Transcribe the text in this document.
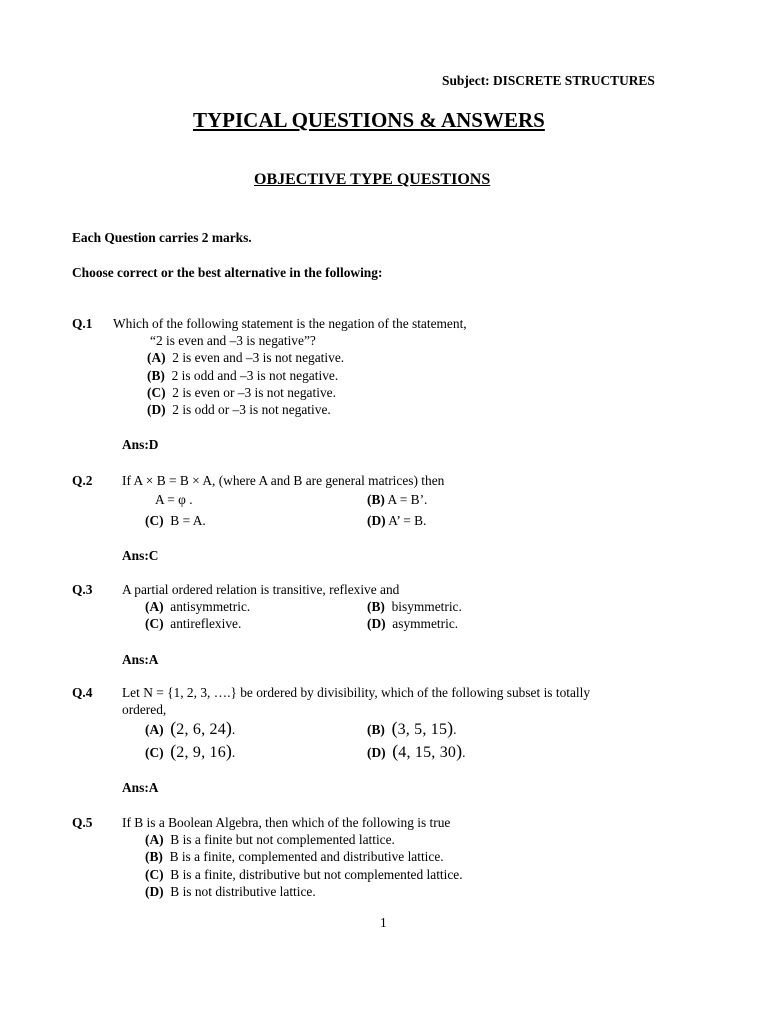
Subject: DISCRETE STRUCTURES
TYPICAL QUESTIONS & ANSWERS
OBJECTIVE TYPE QUESTIONS
Each Question carries 2 marks.
Choose correct or the best alternative in the following:
Q.1 Which of the following statement is the negation of the statement,
“2 is even and –3 is negative”?
(A) 2 is even and –3 is not negative.
(B) 2 is odd and –3 is not negative.
(C) 2 is even or –3 is not negative.
(D) 2 is odd or –3 is not negative.
Ans:D
Q.2 If A × B = B × A, (where A and B are general matrices) then
A = φ .	(B) A = B’.
(C) B = A.	(D) A’ = B.
Ans:C
Q.3 A partial ordered relation is transitive, reflexive and
(A) antisymmetric.	(B) bisymmetric.
(C) antireflexive.	(D) asymmetric.
Ans:A
Q.4 Let N = {1, 2, 3, ….} be ordered by divisibility, which of the following subset is totally
ordered,
(A) (2, 6, 24).	(B) (3, 5, 15).
(C) (2, 9, 16).	(D) (4, 15, 30).
Ans:A
Q.5 If B is a Boolean Algebra, then which of the following is true
(A) B is a finite but not complemented lattice.
(B) B is a finite, complemented and distributive lattice.
(C) B is a finite, distributive but not complemented lattice.
(D) B is not distributive lattice.
1
